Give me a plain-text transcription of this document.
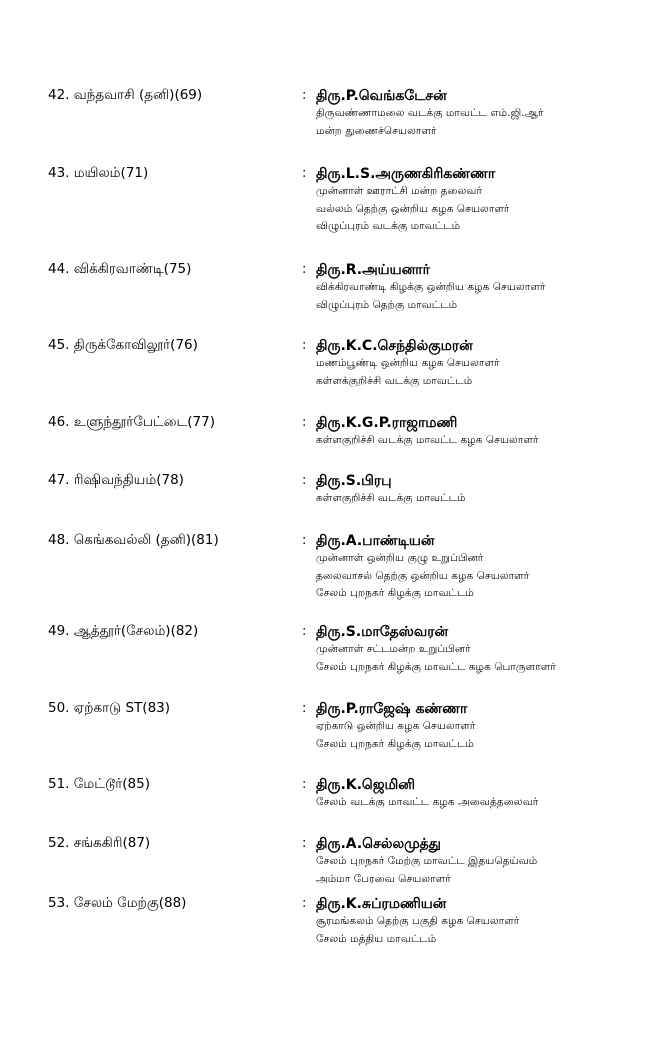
42. வந்தவாசி (தனி)(69)	: திரு.P.வெங்கடேசன்
திருவண்ணாமலை வடக்கு மாவட்ட எம்.ஜி.ஆர்
மன்ற துணைச்செயலாளர்
43. மயிலம்(71)	: திரு.L.S.அருணகிரிகண்ணா
முன்னாள் ஊராட்சி மன்ற தலைவர்
வல்லம் தெற்கு ஒன்றிய கழக செயலாளர்
விழுப்புரம் வடக்கு மாவட்டம்
44. விக்கிரவாண்டி(75)	: திரு.R.அய்யனார்
விக்கிரவாண்டி கிழக்கு ஒன்றிய கழக செயலாளர்
விழுப்புரம் தெற்கு மாவட்டம்
45. திருக்கோவிலூர்(76)	: திரு.K.C.செந்தில்குமரன்
மணம்பூண்டி ஒன்றிய கழக செயலாளர்
கள்ளக்குறிச்சி வடக்கு மாவட்டம்
46. உளுந்தூர்பேட்டை(77)	: திரு.K.G.P.ராஜாமணி
கள்ளகுறிச்சி வடக்கு மாவட்ட கழக செயலாளர்
47. ரிஷிவந்தியம்(78)	: திரு.S.பிரபு
கள்ளகுறிச்சி வடக்கு மாவட்டம்
48. கெங்கவல்லி (தனி)(81)	: திரு.A.பாண்டியன்
முன்னாள் ஒன்றிய குழு உறுப்பினர்
தலைவாசல் தெற்கு ஒன்றிய கழக செயலாளர்
சேலம் புறநகர் கிழக்கு மாவட்டம்
49. ஆத்தூர்(சேலம்)(82)	: திரு.S.மாதேஸ்வரன்
முன்னாள் சட்டமன்ற உறுப்பினர்
சேலம் புறநகர் கிழக்கு மாவட்ட கழக பொருளாளர்
50. ஏற்காடு ST(83)	: திரு.P.ராஜேஷ் கண்ணா
ஏற்காடு ஒன்றிய கழக செயலாளர்
சேலம் புறநகர் கிழக்கு மாவட்டம்
51. மேட்டூர்(85)	: திரு.K.ஜெமினி
சேலம் வடக்கு மாவட்ட கழக அவைத்தலைவர்
52. சங்ககிரி(87)	: திரு.A.செல்லமுத்து
சேலம் புறநகர் மேற்கு மாவட்ட இதயதெய்வம்
அம்மா பேரவை செயலாளர்
53. சேலம் மேற்கு(88)	: திரு.K.சுப்ரமணியன்
சூரமங்கலம் தெற்கு பகுதி கழக செயலாளர்
சேலம் மத்திய மாவட்டம்
